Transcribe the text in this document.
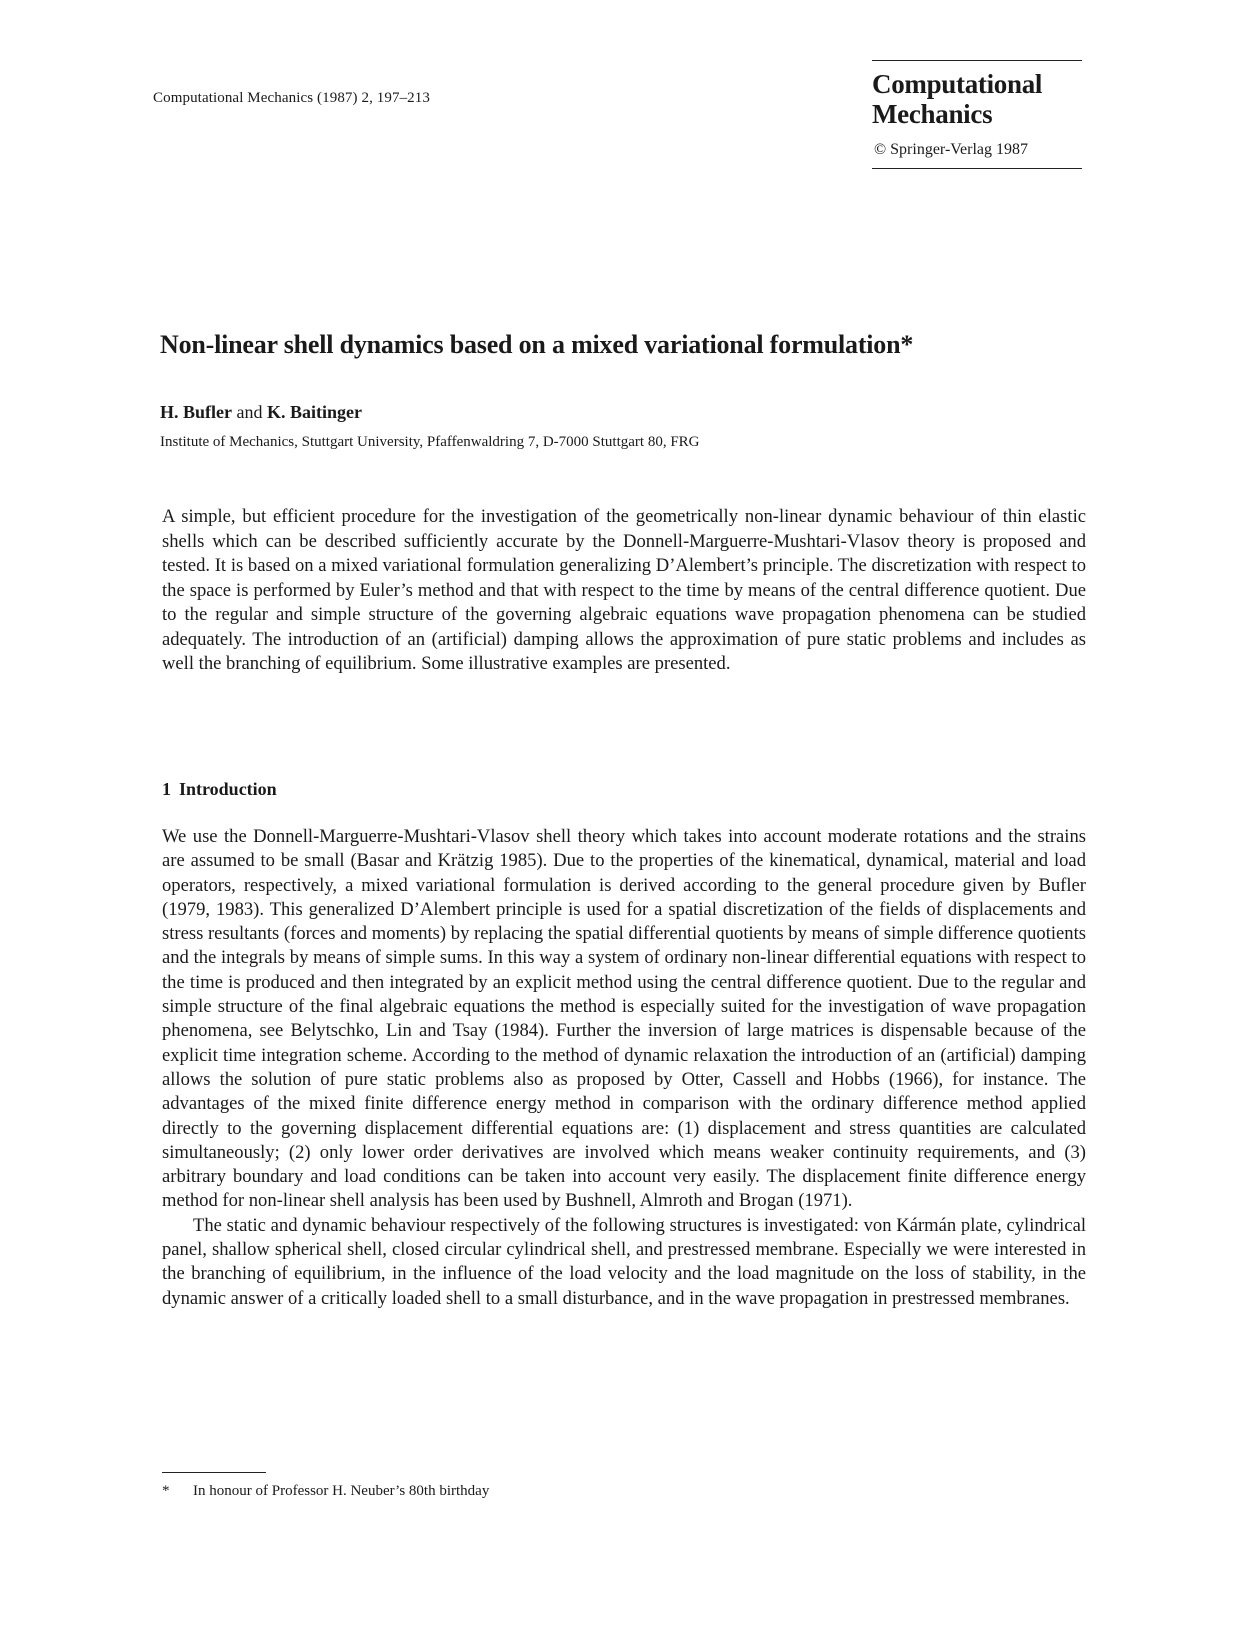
Computational Mechanics (1987) 2, 197–213	Computational
Mechanics
© Springer-Verlag 1987
Non-linear shell dynamics based on a mixed variational formulation*
H. Bufler and K. Baitinger
Institute of Mechanics, Stuttgart University, Pfaffenwaldring 7, D-7000 Stuttgart 80, FRG
A simple, but efficient procedure for the investigation of the geometrically non-linear dynamic behaviour of thin elastic shells which can be described sufficiently accurate by the Donnell-Marguerre-Mushtari-Vlasov theory is proposed and tested. It is based on a mixed variational formulation generalizing D’Alembert’s principle. The discretization with respect to the space is performed by Euler’s method and that with respect to the time by means of the central difference quotient. Due to the regular and simple structure of the governing algebraic equations wave propagation phenomena can be studied adequately. The introduction of an (artificial) damping allows the approximation of pure static problems and includes as well the branching of equilibrium. Some illustrative examples are presented.
1 Introduction

We use the Donnell-Marguerre-Mushtari-Vlasov shell theory which takes into account moderate rotations and the strains are assumed to be small (Basar and Krätzig 1985). Due to the properties of the kinematical, dynamical, material and load operators, respectively, a mixed variational formulation is derived according to the general procedure given by Bufler (1979, 1983). This generalized D’Alembert principle is used for a spatial discretization of the fields of displacements and stress resultants (forces and moments) by replacing the spatial differential quotients by means of simple difference quotients and the integrals by means of simple sums. In this way a system of ordinary non-linear differential equations with respect to the time is produced and then integrated by an explicit method using the central difference quotient. Due to the regular and simple structure of the final algebraic equations the method is especially suited for the investigation of wave propagation phenomena, see Belytschko, Lin and Tsay (1984). Further the inversion of large matrices is dispensable because of the explicit time integration scheme. According to the method of dynamic relaxation the introduction of an (artificial) damping allows the solution of pure static problems also as proposed by Otter, Cassell and Hobbs (1966), for instance. The advantages of the mixed finite difference energy method in comparison with the ordinary difference method applied directly to the governing displacement differential equations are: (1) displacement and stress quantities are calculated simultaneously; (2) only lower order derivatives are involved which means weaker continuity requirements, and (3) arbitrary boundary and load conditions can be taken into account very easily. The displacement finite difference energy method for non-linear shell analysis has been used by Bushnell, Almroth and Brogan (1971).

The static and dynamic behaviour respectively of the following structures is investigated: von Kármán plate, cylindrical panel, shallow spherical shell, closed circular cylindrical shell, and prestressed membrane. Especially we were interested in the branching of equilibrium, in the influence of the load velocity and the load magnitude on the loss of stability, in the dynamic answer of a critically loaded shell to a small disturbance, and in the wave propagation in prestressed membranes.

* In honour of Professor H. Neuber’s 80th birthday
